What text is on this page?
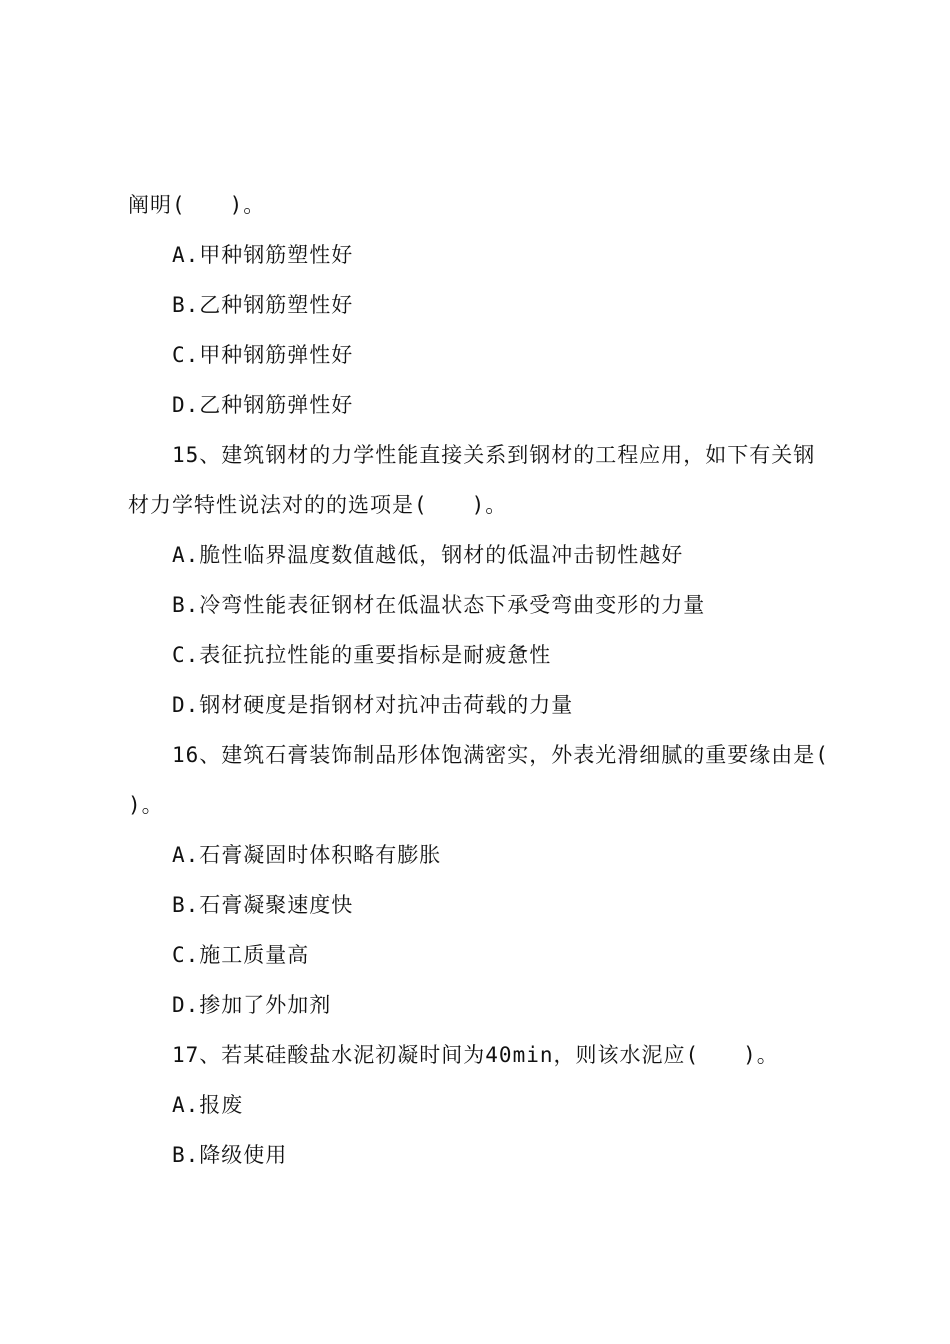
阐明(　　)。
A.甲种钢筋塑性好
B.乙种钢筋塑性好
C.甲种钢筋弹性好
D.乙种钢筋弹性好
15、建筑钢材的力学性能直接关系到钢材的工程应用，如下有关钢
材力学特性说法对的的选项是(　　)。
A.脆性临界温度数值越低，钢材的低温冲击韧性越好
B.冷弯性能表征钢材在低温状态下承受弯曲变形的力量
C.表征抗拉性能的重要指标是耐疲惫性
D.钢材硬度是指钢材对抗冲击荷载的力量
16、建筑石膏装饰制品形体饱满密实，外表光滑细腻的重要缘由是(
)。
A.石膏凝固时体积略有膨胀
B.石膏凝聚速度快
C.施工质量高
D.掺加了外加剂
17、若某硅酸盐水泥初凝时间为40min，则该水泥应(　　)。
A.报废
B.降级使用
